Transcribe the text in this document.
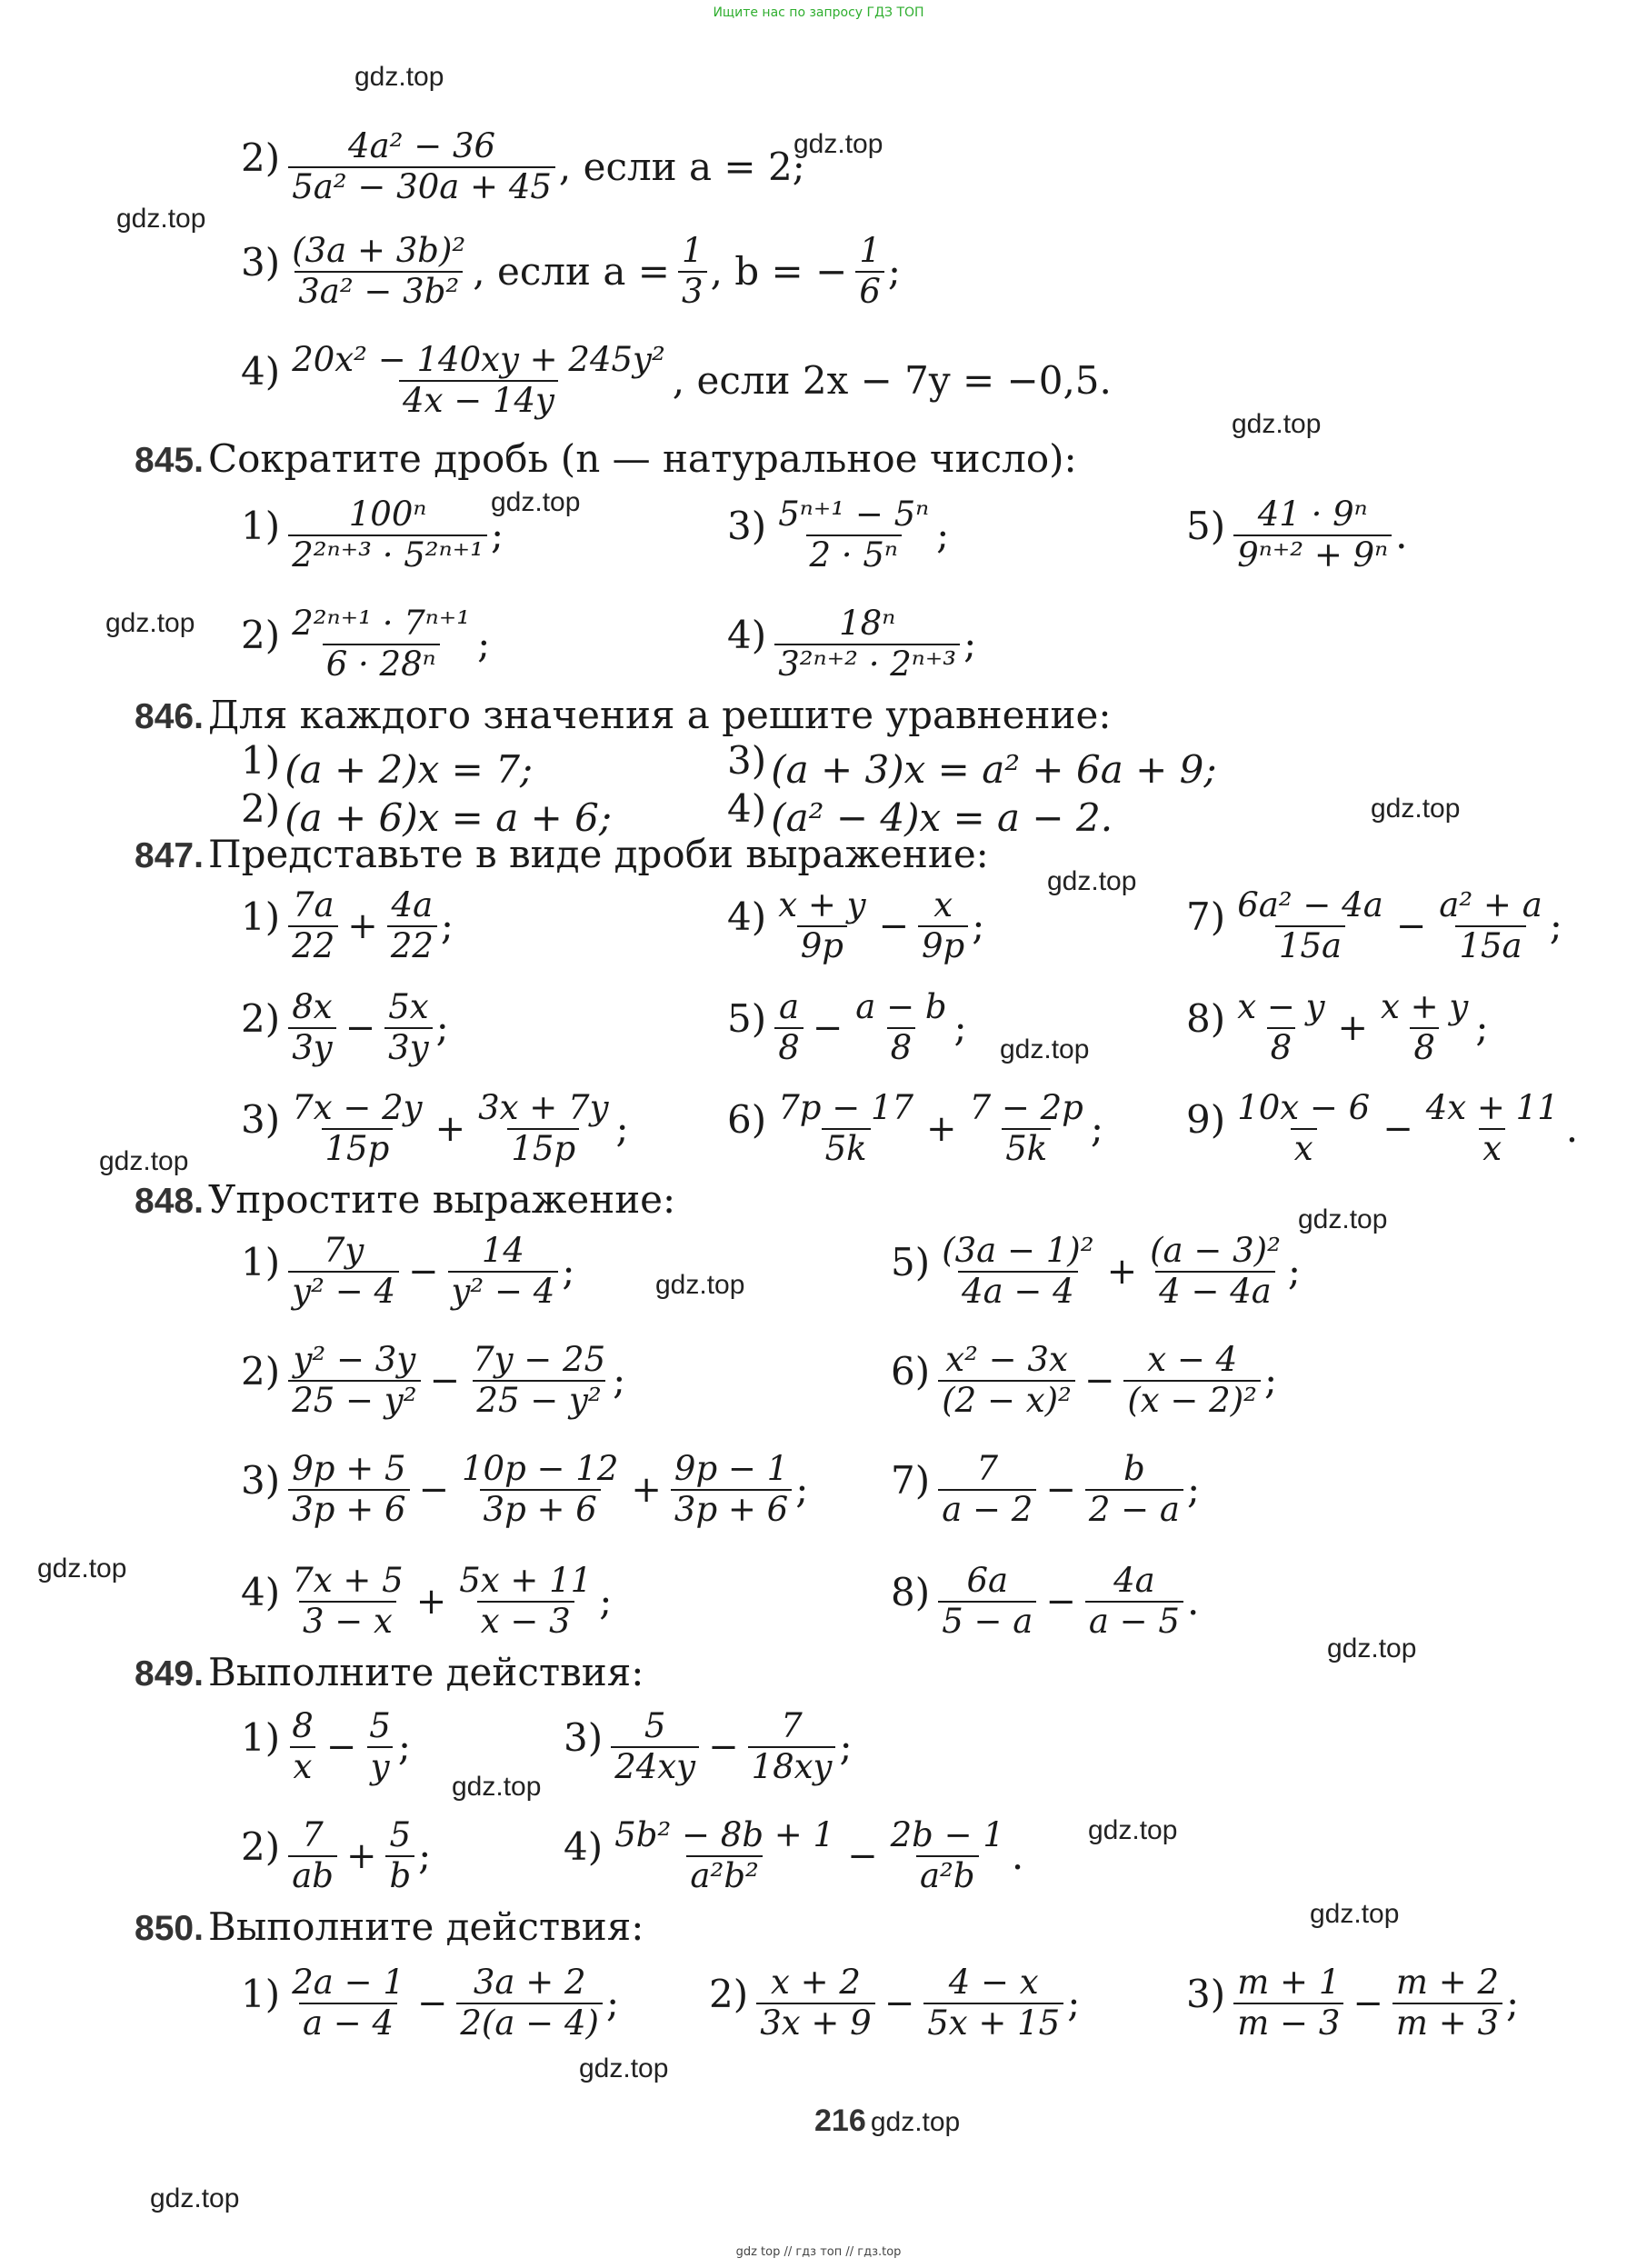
Ищите нас по запросу ГДЗ ТОП
gdz.top
gdz.top
gdz.top
gdz.top
gdz.top
gdz.top
gdz.top
gdz.top
gdz.top
gdz.top
gdz.top
gdz.top
gdz.top
gdz.top
gdz.top
gdz.top
gdz.top
gdz.top
gdz.top
$2) \frac{\text{4a² − 36}}{\text{5a² − 30a + 45}}$ , если a = 2;
$3) \frac{\text{(3a + 3b)²}}{\text{3a² − 3b²}}$ , если $a = \frac{1}{3}$ , b = − $\frac{1}{6}$ ;
$4) \frac{\text{20x² − 140xy + 245y²}}{4x - 14y}$ , если 2x − 7y = −0,5.
845. Сократите дробь (n — натуральное число):
$1) \frac{\text{100ⁿ}}{\text{2²ⁿ⁺³ · 5²ⁿ⁺¹}}$ ;
$2) \frac{\text{2²ⁿ⁺¹ · 7ⁿ⁺¹}}{\text{6 · 28ⁿ}}$ ;
$3) \frac{\text{5ⁿ⁺¹ − 5ⁿ}}{\text{2 · 5ⁿ}}$ ;
$4) \frac{\text{18ⁿ}}{\text{3²ⁿ⁺² · 2ⁿ⁺³}}$ ;
$5) \frac{\text{41 · 9ⁿ}}{\text{9ⁿ⁺² + 9ⁿ}}$ .
846. Для каждого значения a решите уравнение:
1) (a + 2)x = 7;
2) (a + 6)x = a + 6;
3) (a + 3)x = a² + 6a + 9;
4) (a² − 4)x = a − 2.
847. Представьте в виде дроби выражение:
$1) \frac{7a}{22} + \frac{4a}{22}$ ;
$2) \frac{8x}{3y} - \frac{5x}{3y}$ ;
$3) \frac{7x - 2y}{15p} + \frac{3x + 7y}{15p}$ ;
$4) \frac{x + y}{9p} - \frac{x}{9p}$ ;
$5) \frac{a}{8} - \frac{a - b}{8}$ ;
$6) \frac{7p - 17}{5k} + \frac{7 - 2p}{5k}$ ;
$7) \frac{\text{6a² − 4a}}{15a} - \frac{\text{a² + a}}{15a}$ ;
$8) \frac{x - y}{8} + \frac{x + y}{8}$ ;
$9) \frac{10x - 6}{x} - \frac{4x + 11}{x}$ .
848. Упростите выражение:
$1) \frac{7y}{\text{y² − 4}} - \frac{14}{\text{y² − 4}}$ ;
$2) \frac{\text{y² − 3y}}{\text{25 − y²}} - \frac{7y - 25}{\text{25 − y²}}$ ;
$3) \frac{9p + 5}{3p + 6} - \frac{10p - 12}{3p + 6} + \frac{9p - 1}{3p + 6}$ ;
$4) \frac{7x + 5}{3 - x} + \frac{5x + 11}{x - 3}$ ;
$5) \frac{\text{(3a − 1)²}}{4a - 4} + \frac{\text{(a − 3)²}}{4 - 4a}$ ;
$6) \frac{\text{x² − 3x}}{\text{(2 − x)²}} - \frac{x - 4}{\text{(x − 2)²}}$ ;
$7) \frac{7}{a - 2} - \frac{b}{2 - a}$ ;
$8) \frac{6a}{5 - a} - \frac{4a}{a - 5}$ .
849. Выполните действия:
$1) \frac{8}{x} - \frac{5}{y}$ ;
$2) \frac{7}{ab} + \frac{5}{b}$ ;
$3) \frac{5}{24xy} - \frac{7}{18xy}$ ;
$4) \frac{\text{5b² − 8b + 1}}{\text{a²b²}} - \frac{2b - 1}{\text{a²b}}$ .
850. Выполните действия:
$1) \frac{2a - 1}{a - 4} - \frac{3a + 2}{2(a - 4)}$ ; $2) \frac{x + 2}{3x + 9} - \frac{4 - x}{5x + 15}$ ;	$3) \frac{m + 1}{m - 3} - \frac{m + 2}{m + 3}$ ;
216 gdz.top
gdz top // гдз топ // гдз.top
